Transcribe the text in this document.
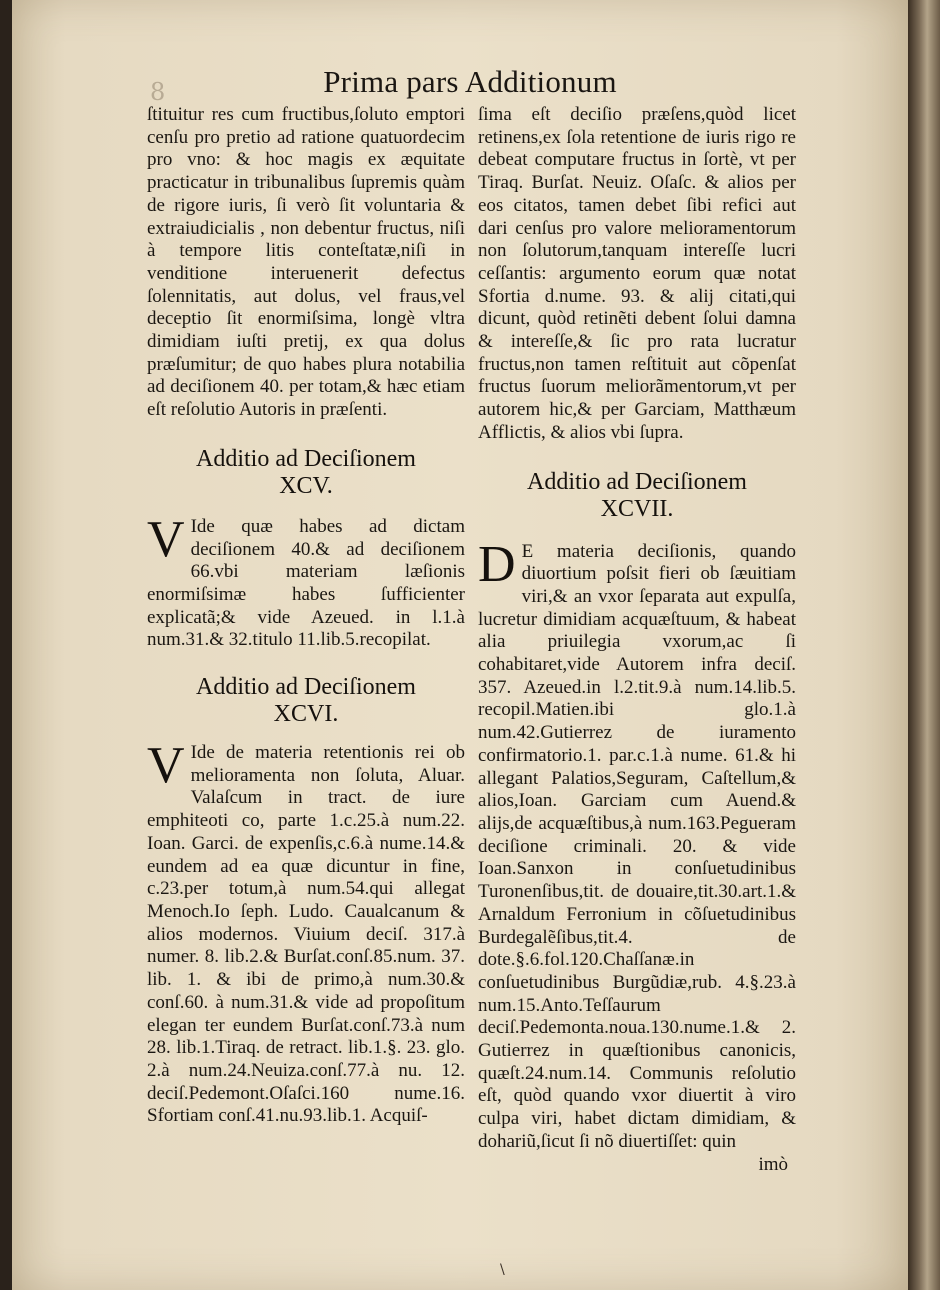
8	Prima pars Additionum

ſtituitur res cum fructibus,ſoluto emptori cenſu pro pretio ad ratione quatuordecim pro vno: & hoc magis ex æquitate practicatur in tribunalibus ſupremis quàm de rigore iuris, ſi verò ſit voluntaria & extraiudicialis , non debentur fructus, niſi à tempore litis conteſtatæ,niſi in venditione interuenerit defectus ſolennitatis, aut dolus, vel fraus,vel deceptio ſit enormiſsima, longè vltra dimidiam iuſti pretij, ex qua dolus præſumitur; de quo habes plura notabilia ad deciſionem 40. per totam,& hæc etiam eſt reſolutio Autoris in præſenti.

Additio ad Deciſionem
XCV.

V Ide quæ habes ad dictam deciſionem 40.& ad deciſionem 66.vbi materiam læſionis enormiſsimæ habes ſufficienter explicatã;& vide Azeued. in l.1.à num.31.& 32.titulo 11.lib.5.recopilat.

Additio ad Deciſionem
XCVI.

V Ide de materia retentionis rei ob melioramenta non ſoluta, Aluar. Valaſcum in tract. de iure emphiteoti co, parte 1.c.25.à num.22. Ioan. Garci. de expenſis,c.6.à nume.14.& eundem ad ea quæ dicuntur in fine, c.23.per totum,à num.54.qui allegat Menoch.Io ſeph. Ludo. Caualcanum & alios modernos. Viuium deciſ. 317.à numer. 8. lib.2.& Burſat.conſ.85.num. 37. lib. 1. & ibi de primo,à num.30.& conſ.60. à num.31.& vide ad propoſitum elegan ter eundem Burſat.conſ.73.à num 28. lib.1.Tiraq. de retract. lib.1.§. 23. glo. 2.à num.24.Neuiza.conſ.77.à nu. 12. deciſ.Pedemont.Oſaſci.160 nume.16. Sfortiam conſ.41.nu.93.lib.1. Acquiſ-

ſima eſt deciſio præſens,quòd licet retinens,ex ſola retentione de iuris rigo re debeat computare fructus in ſortè, vt per Tiraq. Burſat. Neuiz. Oſaſc. & alios per eos citatos, tamen debet ſibi refici aut dari cenſus pro valore melioramentorum non ſolutorum,tanquam intereſſe lucri ceſſantis: argumento eorum quæ notat Sfortia d.nume. 93. & alij citati,qui dicunt, quòd retinẽti debent ſolui damna & intereſſe,& ſic pro rata lucratur fructus,non tamen reſtituit aut cõpenſat fructus ſuorum meliorãmentorum,vt per autorem hic,& per Garciam, Matthæum Afflictis, & alios vbi ſupra.

Additio ad Deciſionem
XCVII.

D E materia deciſionis, quando diuortium poſsit fieri ob ſæuitiam viri,& an vxor ſeparata aut expulſa, lucretur dimidiam acquæſtuum, & habeat alia priuilegia vxorum,ac ſi cohabitaret,vide Autorem infra deciſ. 357. Azeued.in l.2.tit.9.à num.14.lib.5. recopil.Matien.ibi glo.1.à num.42.Gutierrez de iuramento confirmatorio.1. par.c.1.à nume. 61.& hi allegant Palatios,Seguram, Caſtellum,& alios,Ioan. Garciam cum Auend.& alijs,de acquæſtibus,à num.163.Pegueram deciſione criminali. 20. & vide Ioan.Sanxon in conſuetudinibus Turonenſibus,tit. de douaire,tit.30.art.1.& Arnaldum Ferronium in cõſuetudinibus Burdegalẽſibus,tit.4. de dote.§.6.fol.120.Chaſſanæ.in conſuetudinibus Burgũdiæ,rub. 4.§.23.à num.15.Anto.Teſſaurum deciſ.Pedemonta.noua.130.nume.1.& 2. Gutierrez in quæſtionibus canonicis, quæſt.24.num.14. Communis reſolutio eſt, quòd quando vxor diuertit à viro culpa viri, habet dictam dimidiam, & dohariũ,ſicut ſi nõ diuertiſſet: quin

imò

\
